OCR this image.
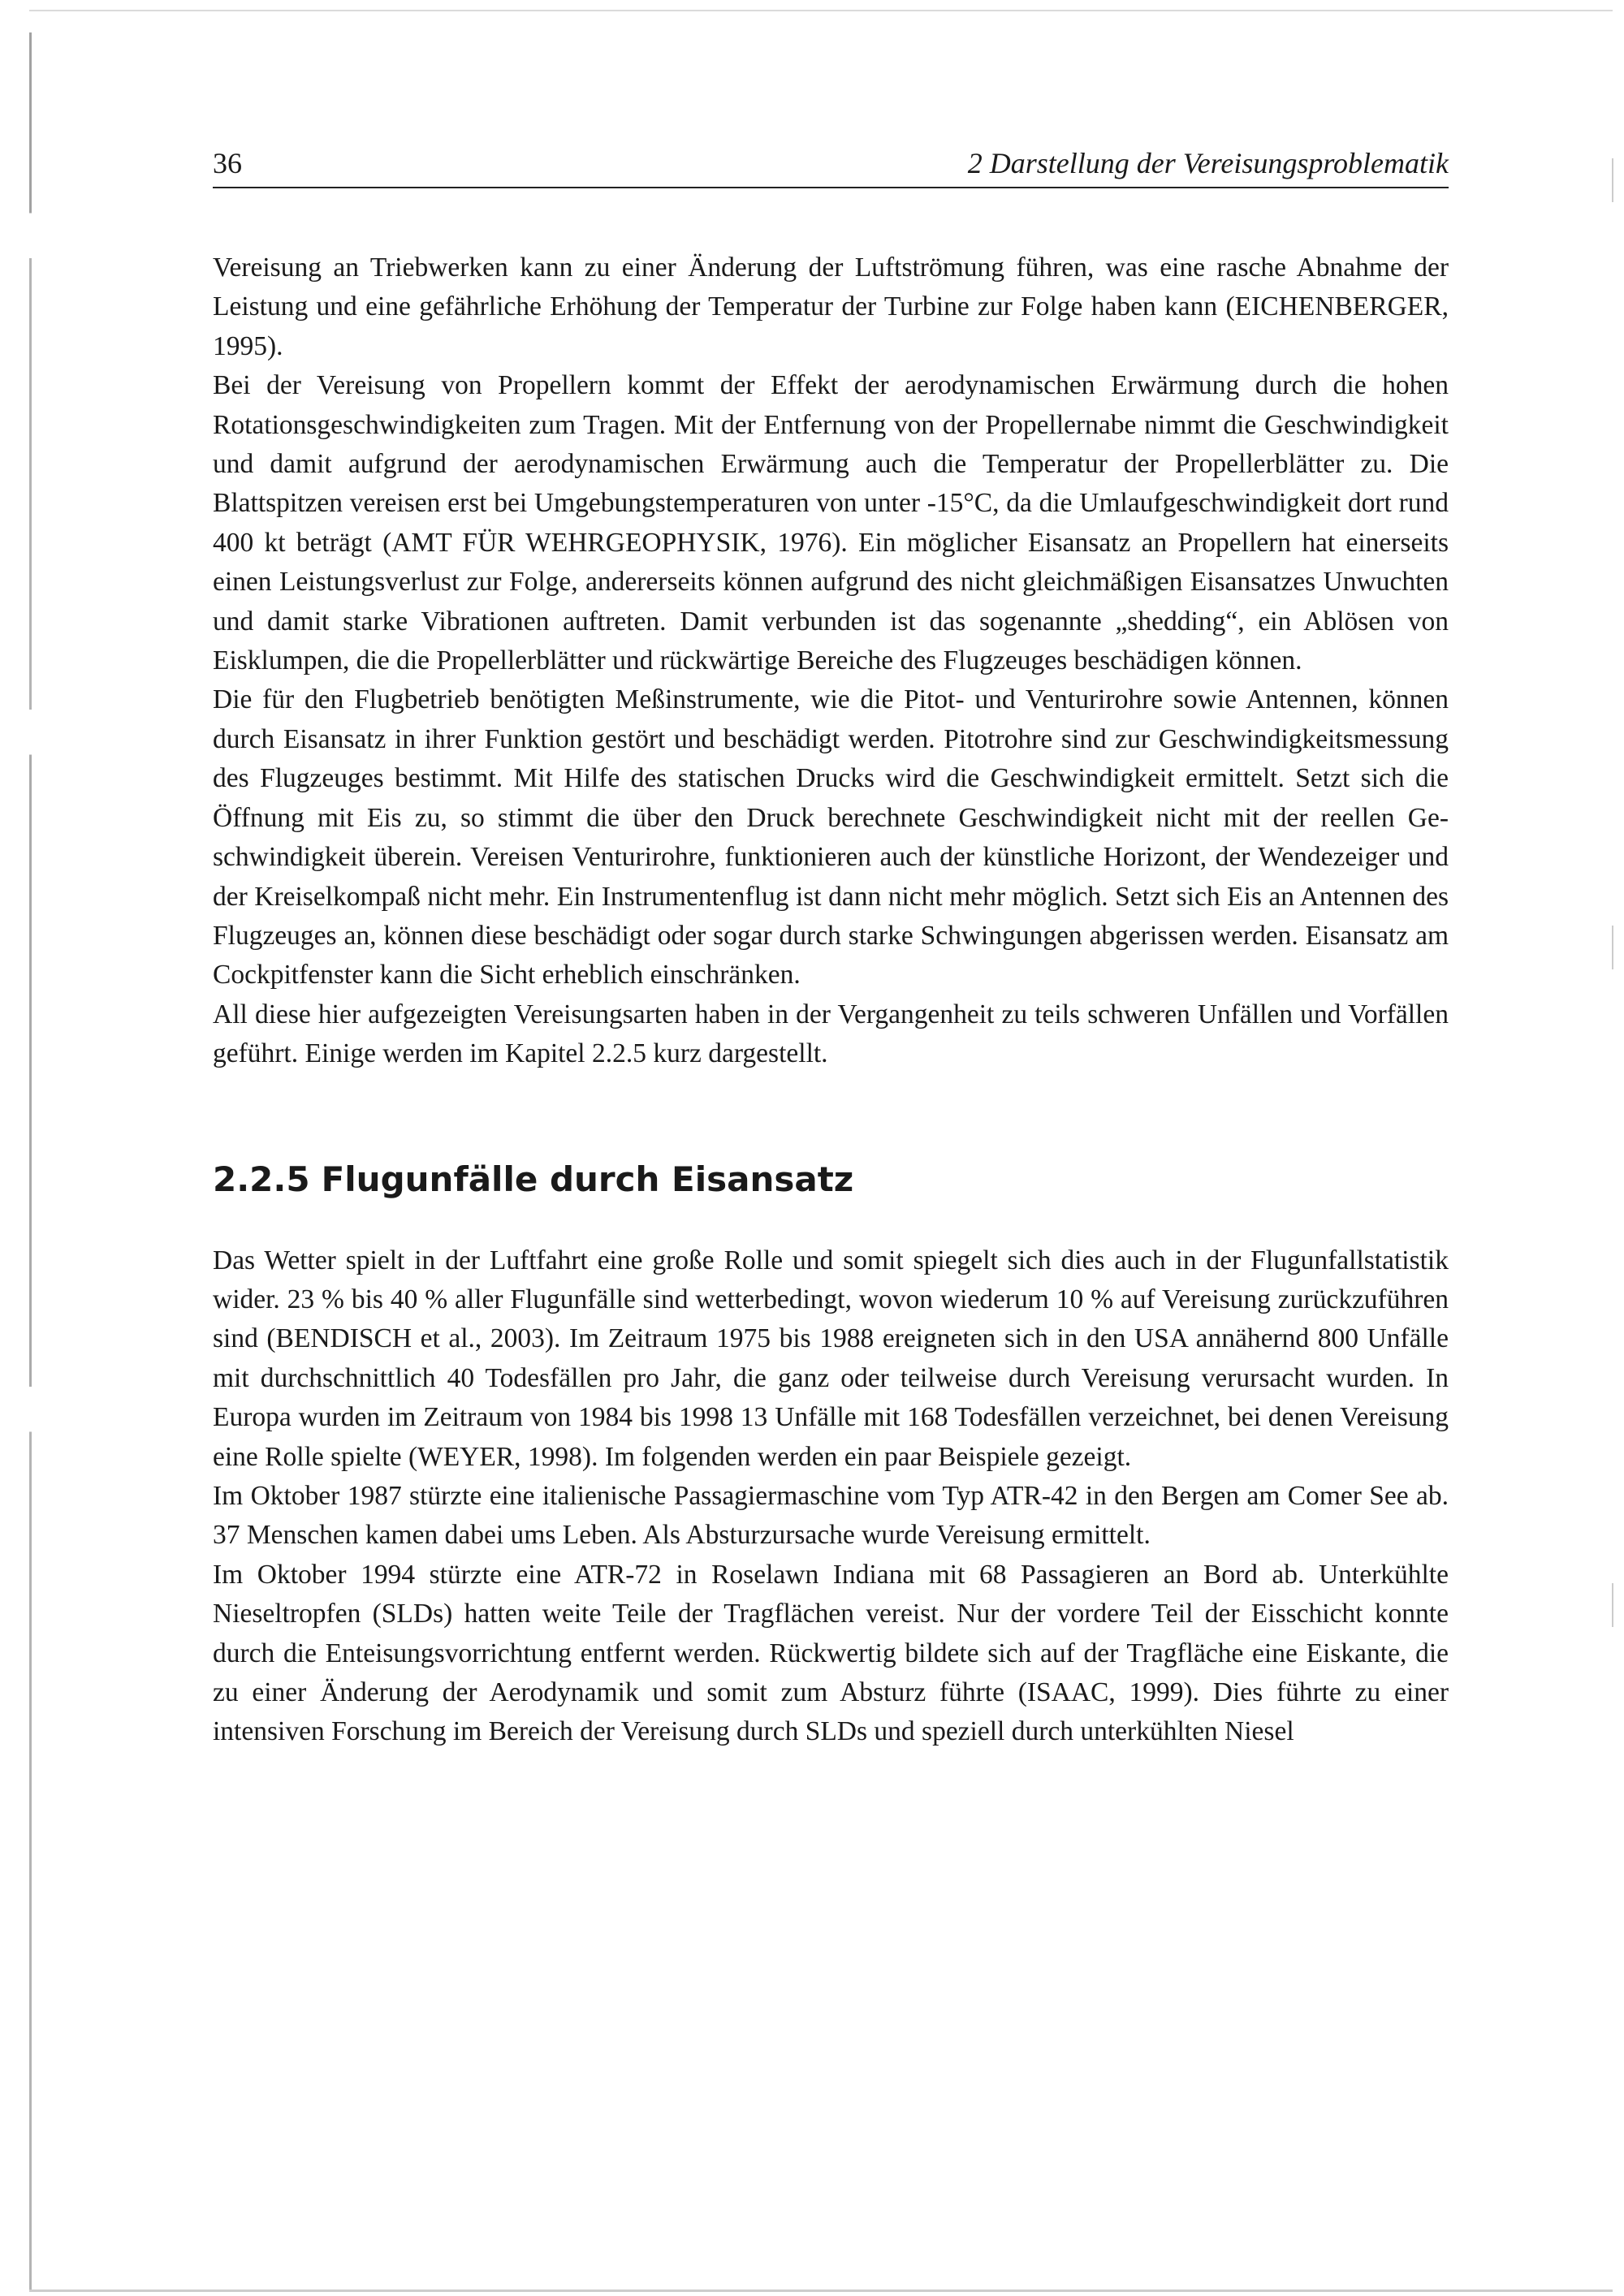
36	2 Darstellung der Vereisungsproblematik

Vereisung an Triebwerken kann zu einer Änderung der Luftströmung führen, was eine rasche Abnahme der Leistung und eine gefährliche Erhöhung der Temperatur der Turbine zur Folge haben kann (EICHENBERGER, 1995).

Bei der Vereisung von Propellern kommt der Effekt der aerodynamischen Erwärmung durch die hohen Rotationsgeschwindigkeiten zum Tragen. Mit der Entfernung von der Propellernabe nimmt die Geschwindigkeit und damit aufgrund der aerodynamischen Erwärmung auch die Temperatur der Propellerblätter zu. Die Blattspitzen vereisen erst bei Umgebungstemperaturen von unter -15°C, da die Umlaufgeschwindigkeit dort rund 400 kt beträgt (AMT FÜR WEHRGEOPHYSIK, 1976). Ein möglicher Eisansatz an Propellern hat einerseits einen Leistungsverlust zur Folge, andererseits können aufgrund des nicht gleichmäßigen Eisansatzes Unwuchten und damit starke Vibrationen auftreten. Damit verbunden ist das sogenannte „shedding“, ein Ablösen von Eisklumpen, die die Propellerblätter und rückwärtige Bereiche des Flugzeuges beschädigen können.

Die für den Flugbetrieb benötigten Meßinstrumente, wie die Pitot- und Venturirohre sowie Antennen, können durch Eisansatz in ihrer Funktion gestört und beschädigt werden. Pitotrohre sind zur Geschwindigkeitsmessung des Flugzeuges bestimmt. Mit Hilfe des statischen Drucks wird die Geschwindigkeit ermittelt. Setzt sich die Öffnung mit Eis zu, so stimmt die über den Druck berechnete Geschwindigkeit nicht mit der reellen Geschwindigkeit überein. Vereisen Venturirohre, funktionieren auch der künstliche Horizont, der Wendezeiger und der Kreiselkompaß nicht mehr. Ein Instrumentenflug ist dann nicht mehr möglich. Setzt sich Eis an Antennen des Flugzeuges an, können diese beschädigt oder sogar durch starke Schwingungen abgerissen werden. Eisansatz am Cockpitfenster kann die Sicht erheblich einschränken.

All diese hier aufgezeigten Vereisungsarten haben in der Vergangenheit zu teils schweren Unfällen und Vorfällen geführt. Einige werden im Kapitel 2.2.5 kurz dargestellt.

2.2.5 Flugunfälle durch Eisansatz

Das Wetter spielt in der Luftfahrt eine große Rolle und somit spiegelt sich dies auch in der Flugunfallstatistik wider. 23 % bis 40 % aller Flugunfälle sind wetterbedingt, wovon wiederum 10 % auf Vereisung zurückzuführen sind (BENDISCH et al., 2003). Im Zeitraum 1975 bis 1988 ereigneten sich in den USA annähernd 800 Unfälle mit durchschnittlich 40 Todesfällen pro Jahr, die ganz oder teilweise durch Vereisung verursacht wurden. In Europa wurden im Zeitraum von 1984 bis 1998 13 Unfälle mit 168 Todesfällen verzeichnet, bei denen Vereisung eine Rolle spielte (WEYER, 1998). Im folgenden werden ein paar Beispiele gezeigt.

Im Oktober 1987 stürzte eine italienische Passagiermaschine vom Typ ATR-42 in den Bergen am Comer See ab. 37 Menschen kamen dabei ums Leben. Als Absturzursache wurde Vereisung ermittelt.

Im Oktober 1994 stürzte eine ATR-72 in Roselawn Indiana mit 68 Passagieren an Bord ab. Unterkühlte Nieseltropfen (SLDs) hatten weite Teile der Tragflächen vereist. Nur der vordere Teil der Eisschicht konnte durch die Enteisungsvorrichtung entfernt werden. Rückwertig bildete sich auf der Tragfläche eine Eiskante, die zu einer Änderung der Aerodynamik und somit zum Absturz führte (ISAAC, 1999). Dies führte zu einer intensiven Forschung im Bereich der Vereisung durch SLDs und speziell durch unterkühlten Niesel
